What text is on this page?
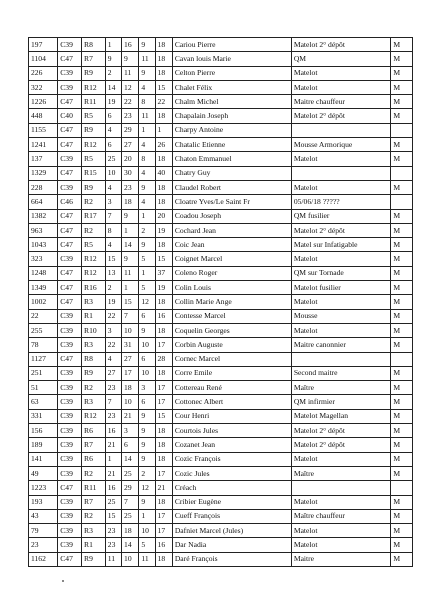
197	C39	R8	1	16	9	18	Cariou Pierre	Matelot 2° dépôt	M
1104	C47	R7	9	9	11	18	Cavan louis Marie	QM	M
226	C39	R9	2	11	9	18	Celton Pierre	Matelot	M
322	C39	R12	14	12	4	15	Chalet Félix	Matelot	M
1226	C47	R11	19	22	8	22	Chalm Michel	Maitre chauffeur	M
448	C40	R5	6	23	11	18	Chapalain Joseph	Matelot 2° dépôt	M
1155	C47	R9	4	29	1	1	Charpy Antoine		
1241	C47	R12	6	27	4	26	Chatalic Etienne	Mousse Armorique	M
137	C39	R5	25	20	8	18	Chaton Emmanuel	Matelot	M
1329	C47	R15	10	30	4	40	Chatry Guy		
228	C39	R9	4	23	9	18	Claudel Robert	Matelot	M
664	C46	R2	3	18	4	18	Cloatre Yves/Le Saint Fr	05/06/18 ?????	
1382	C47	R17	7	9	1	20	Coadou Joseph	QM fusilier	M
963	C47	R2	8	1	2	19	Cochard Jean	Matelot 2° dépôt	M
1043	C47	R5	4	14	9	18	Coic Jean	Matel sur Infatigable	M
323	C39	R12	15	9	5	15	Coignet Marcel	Matelot	M
1248	C47	R12	13	11	1	37	Coleno Roger	QM sur Tornade	M
1349	C47	R16	2	1	5	19	Colin Louis	Matelot fusilier	M
1002	C47	R3	19	15	12	18	Collin Marie Ange	Matelot	M
22	C39	R1	22	7	6	16	Contesse Marcel	Mousse	M
255	C39	R10	3	10	9	18	Coquelin Georges	Matelot	M
78	C39	R3	22	31	10	17	Corbin Auguste	Maitre canonnier	M
1127	C47	R8	4	27	6	28	Cornec Marcel		
251	C39	R9	27	17	10	18	Corre Emile	Second maitre	M
51	C39	R2	23	18	3	17	Cottereau René	Maître	M
63	C39	R3	7	10	6	17	Cottonec Albert	QM infirmier	M
331	C39	R12	23	21	9	15	Cour Henri	Matelot Magellan	M
156	C39	R6	16	3	9	18	Courtois Jules	Matelot 2° dépôt	M
189	C39	R7	21	6	9	18	Cozanet Jean	Matelot 2° dépôt	M
141	C39	R6	1	14	9	18	Cozic François	Matelot	M
49	C39	R2	21	25	2	17	Cozic Jules	Maître	M
1223	C47	R11	16	29	12	21	Créach		
193	C39	R7	25	7	9	18	Cribier Eugène	Matelot	M
43	C39	R2	15	25	1	17	Cueff François	Maître chauffeur	M
79	C39	R3	23	18	10	17	Dafniet Marcel (Jules)	Matelot	M
23	C39	R1	23	14	5	16	Dar Nadia	Matelot	M
1162	C47	R9	11	10	11	18	Daré François	Maitre	M
